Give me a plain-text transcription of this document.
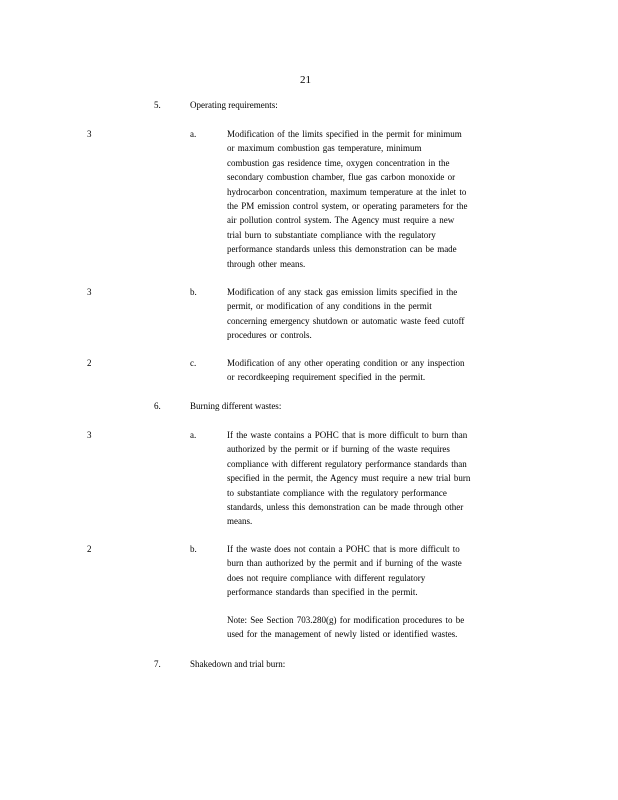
21
5.	Operating requirements:
3	a.	Modification of the limits specified in the permit for minimum
or maximum combustion gas temperature, minimum
combustion gas residence time, oxygen concentration in the
secondary combustion chamber, flue gas carbon monoxide or
hydrocarbon concentration, maximum temperature at the inlet to
the PM emission control system, or operating parameters for the
air pollution control system. The Agency must require a new
trial burn to substantiate compliance with the regulatory
performance standards unless this demonstration can be made
through other means.
3	b.	Modification of any stack gas emission limits specified in the
permit, or modification of any conditions in the permit
concerning emergency shutdown or automatic waste feed cutoff
procedures or controls.
2	c.	Modification of any other operating condition or any inspection
or recordkeeping requirement specified in the permit.
6.	Burning different wastes:
3	a.	If the waste contains a POHC that is more difficult to burn than
authorized by the permit or if burning of the waste requires
compliance with different regulatory performance standards than
specified in the permit, the Agency must require a new trial burn
to substantiate compliance with the regulatory performance
standards, unless this demonstration can be made through other
means.
2	b.	If the waste does not contain a POHC that is more difficult to
burn than authorized by the permit and if burning of the waste
does not require compliance with different regulatory
performance standards than specified in the permit.
Note: See Section 703.280(g) for modification procedures to be
used for the management of newly listed or identified wastes.
7.	Shakedown and trial burn:
